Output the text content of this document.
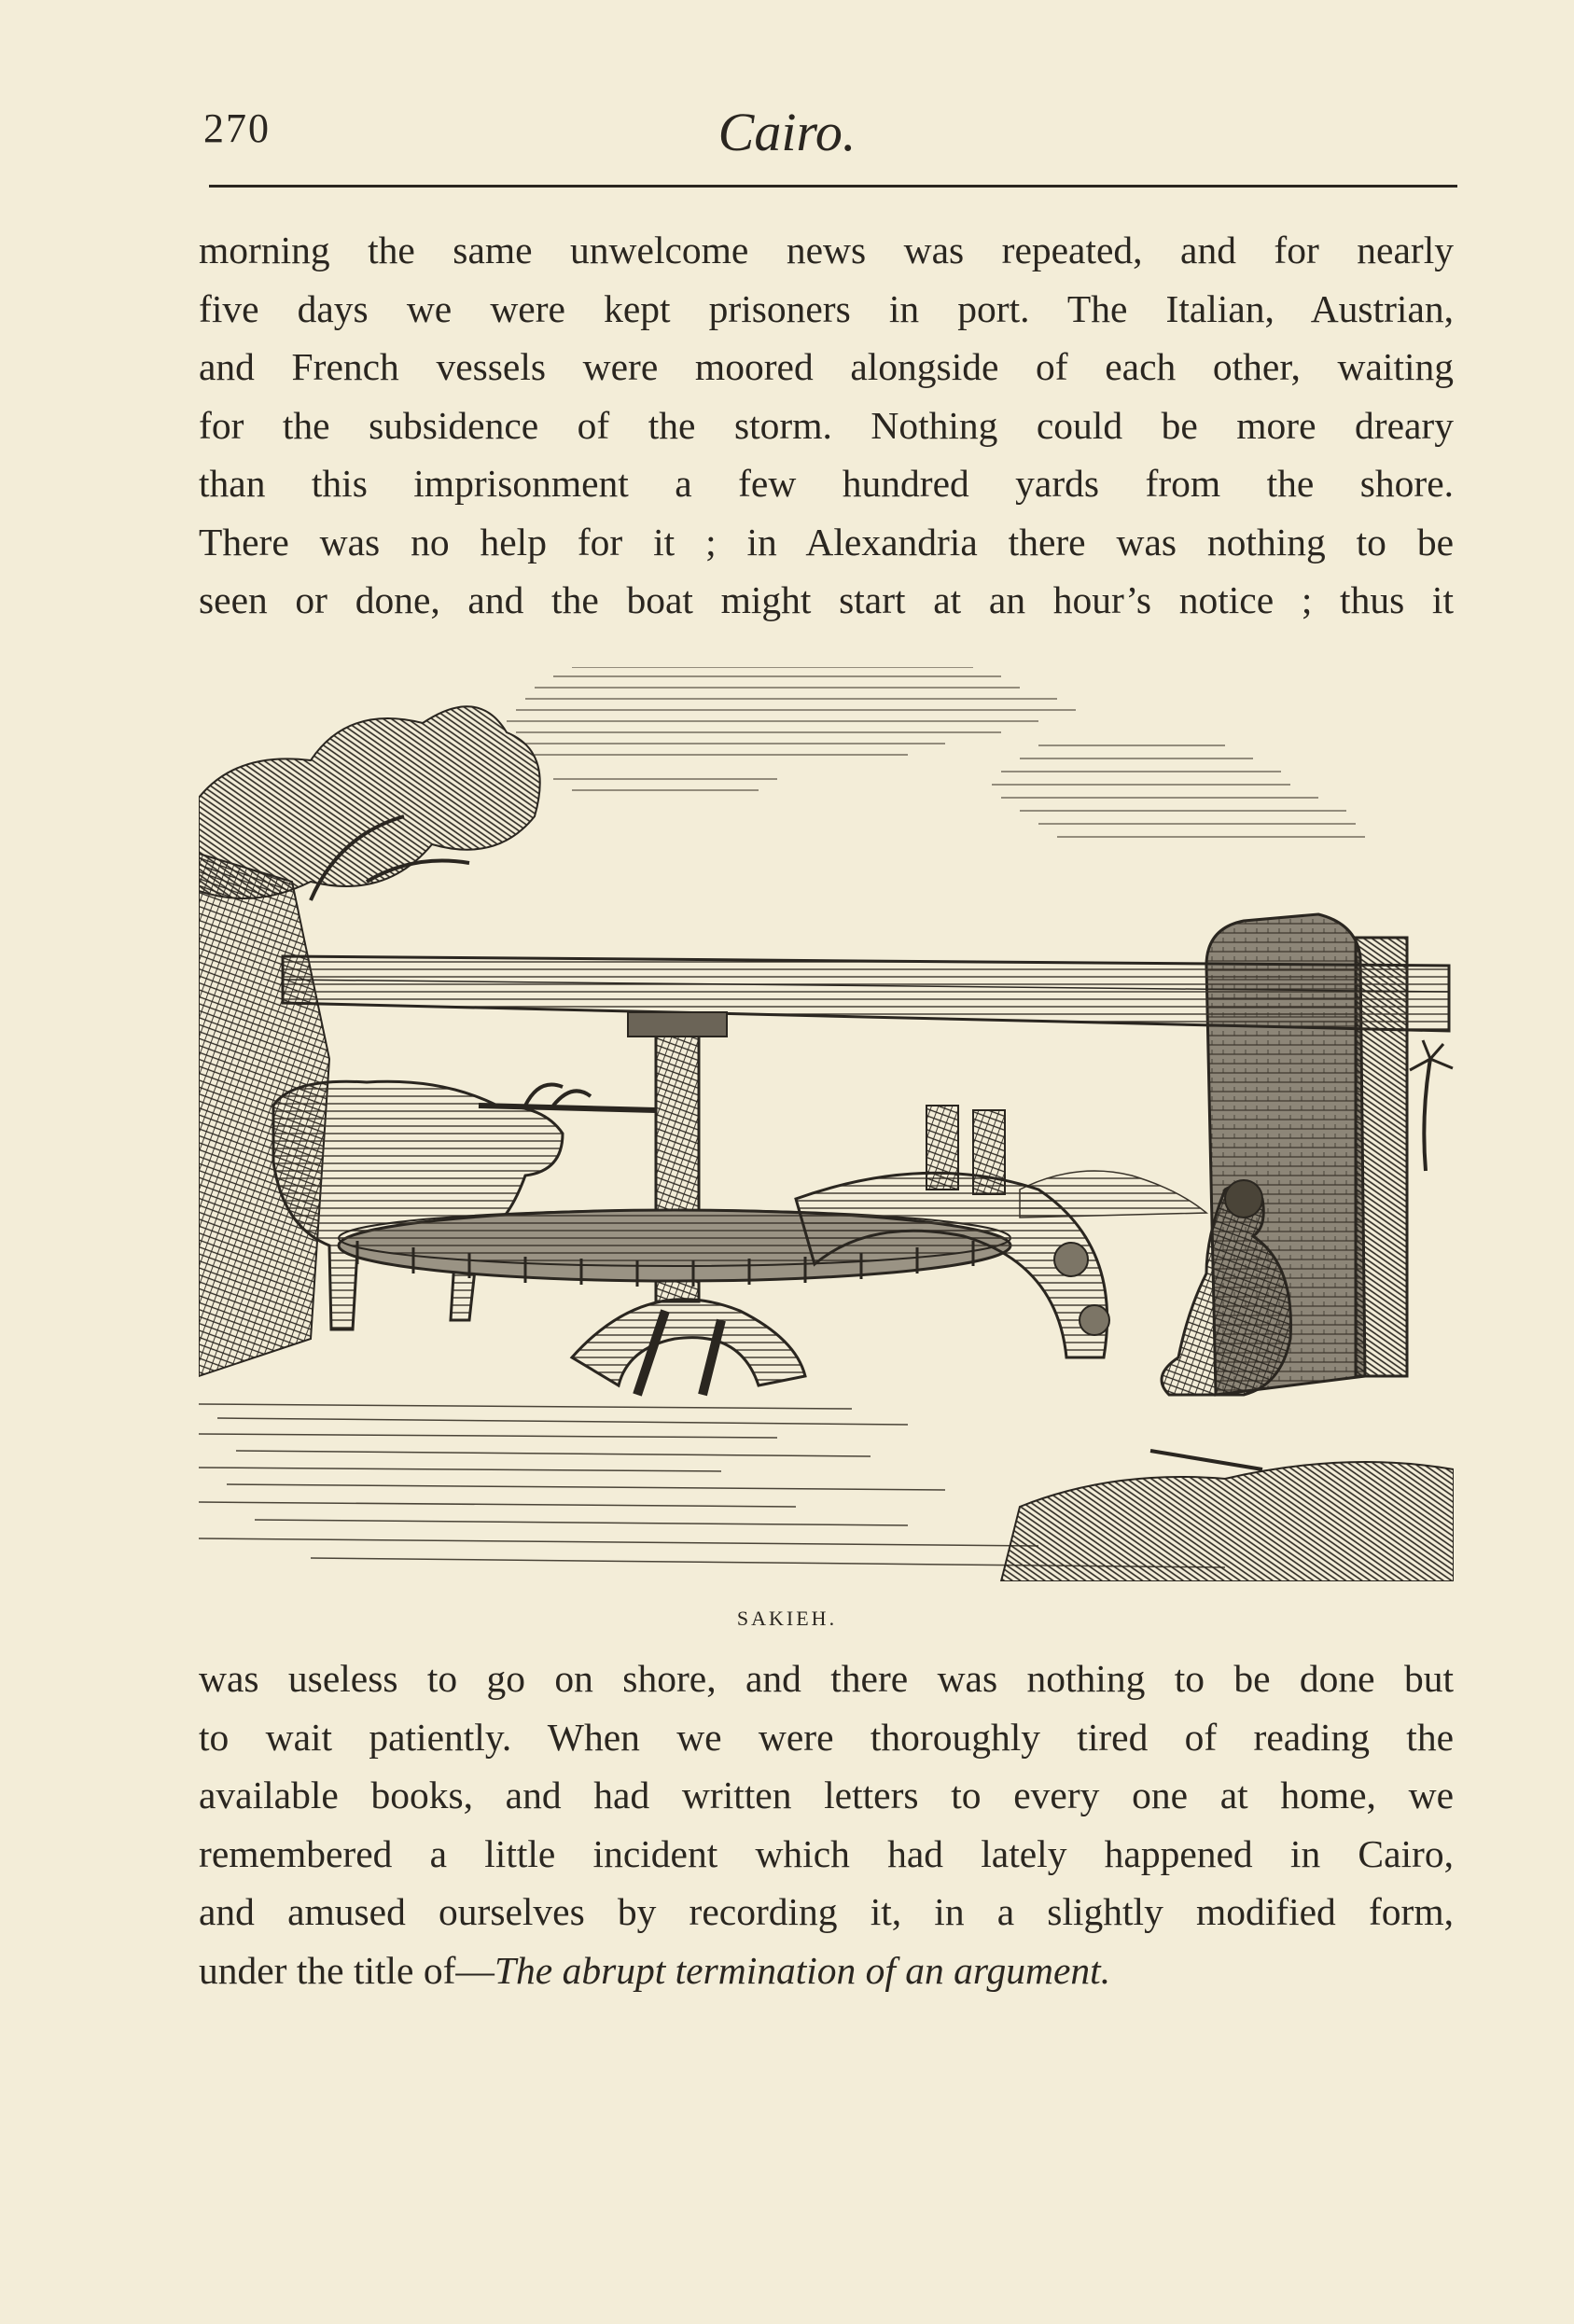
270	Cairo.
morning the same unwelcome news was repeated, and for nearly
five days we were kept prisoners in port. The Italian, Austrian,
and French vessels were moored alongside of each other, waiting
for the subsidence of the storm. Nothing could be more dreary
than this imprisonment a few hundred yards from the shore.
There was no help for it ; in Alexandria there was nothing to be
seen or done, and the boat might start at an hour’s notice ; thus it
SAKIEH.
was useless to go on shore, and there was nothing to be done but
to wait patiently. When we were thoroughly tired of reading the
available books, and had written letters to every one at home, we
remembered a little incident which had lately happened in Cairo,
and amused ourselves by recording it, in a slightly modified form,
under the title of—The abrupt termination of an argument.
